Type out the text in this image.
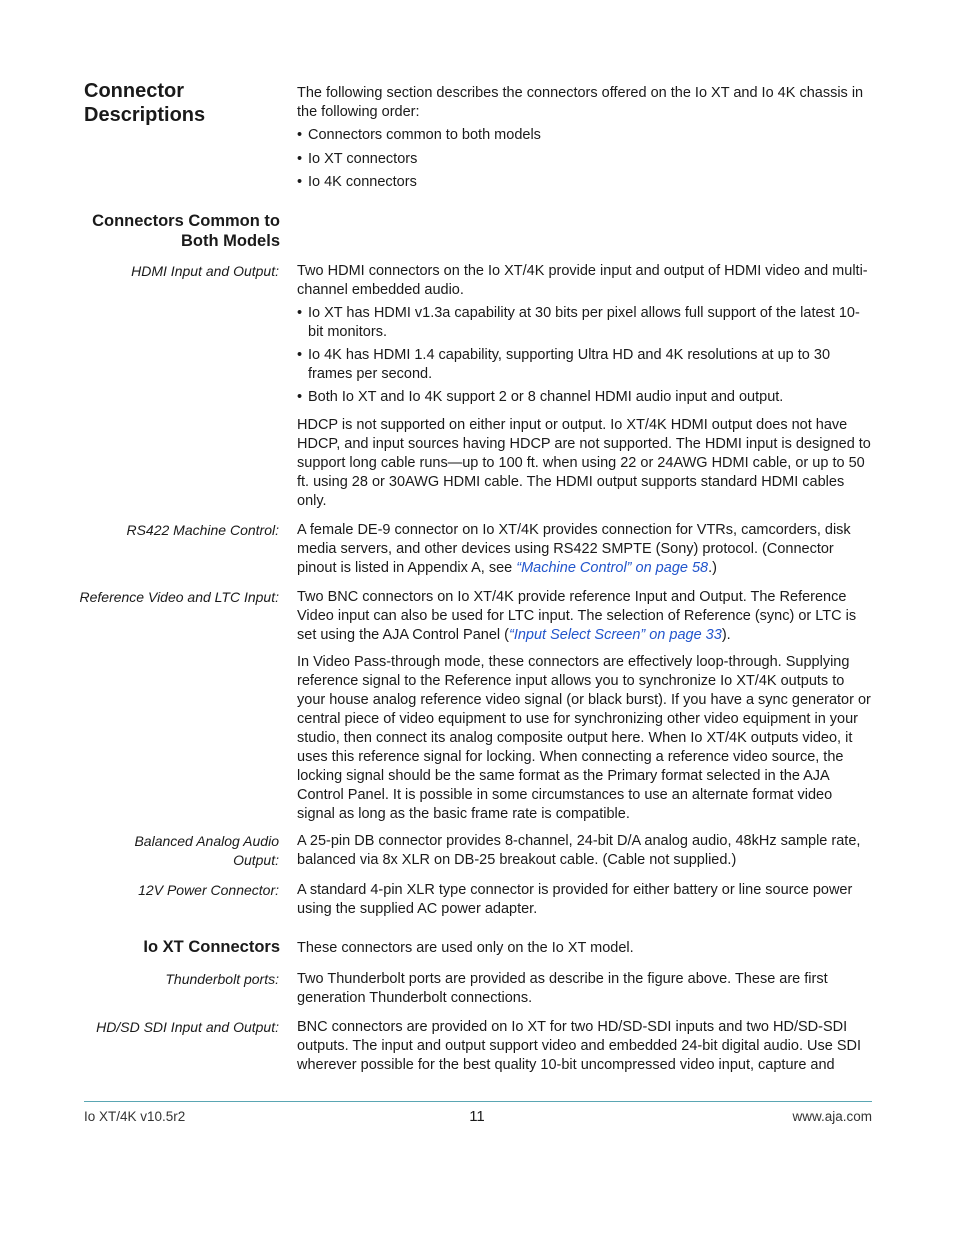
Connector
Descriptions

The following section describes the connectors offered on the Io XT and Io 4K chassis in the following order:

• Connectors common to both models
• Io XT connectors
• Io 4K connectors
Connectors Common to
Both Models
HDMI Input and Output: Two HDMI connectors on the Io XT/4K provide input and output of HDMI video and multi-channel embedded audio.

• Io XT has HDMI v1.3a capability at 30 bits per pixel allows full support of the latest 10-bit monitors.
• Io 4K has HDMI 1.4 capability, supporting Ultra HD and 4K resolutions at up to 30 frames per second.
• Both Io XT and Io 4K support 2 or 8 channel HDMI audio input and output.

HDCP is not supported on either input or output. Io XT/4K HDMI output does not have HDCP, and input sources having HDCP are not supported. The HDMI input is designed to support long cable runs—up to 100 ft. when using 22 or 24AWG HDMI cable, or up to 50 ft. using 28 or 30AWG HDMI cable. The HDMI output supports standard HDMI cables only.

RS422 Machine Control: A female DE-9 connector on Io XT/4K provides connection for VTRs, camcorders, disk media servers, and other devices using RS422 SMPTE (Sony) protocol. (Connector pinout is listed in Appendix A, see “Machine Control” on page 58.)

Reference Video and LTC Input: Two BNC connectors on Io XT/4K provide reference Input and Output. The Reference Video input can also be used for LTC input. The selection of Reference (sync) or LTC is set using the AJA Control Panel (“Input Select Screen” on page 33).

In Video Pass-through mode, these connectors are effectively loop-through. Supplying reference signal to the Reference input allows you to synchronize Io XT/4K outputs to your house analog reference video signal (or black burst). If you have a sync generator or central piece of video equipment to use for synchronizing other video equipment in your studio, then connect its analog composite output here. When Io XT/4K outputs video, it uses this reference signal for locking. When connecting a reference video source, the locking signal should be the same format as the Primary format selected in the AJA Control Panel. It is possible in some circumstances to use an alternate format video signal as long as the basic frame rate is compatible.

Balanced Analog Audio
Output:

A 25-pin DB connector provides 8-channel, 24-bit D/A analog audio, 48kHz sample rate, balanced via 8x XLR on DB-25 breakout cable. (Cable not supplied.)

12V Power Connector: A standard 4-pin XLR type connector is provided for either battery or line source power using the supplied AC power adapter.

Io XT Connectors These connectors are used only on the Io XT model.

Thunderbolt ports: Two Thunderbolt ports are provided as describe in the figure above. These are first generation Thunderbolt connections.

HD/SD SDI Input and Output: BNC connectors are provided on Io XT for two HD/SD-SDI inputs and two HD/SD-SDI outputs. The input and output support video and embedded 24-bit digital audio. Use SDI wherever possible for the best quality 10-bit uncompressed video input, capture and

Io XT/4K v10.5r2	11	www.aja.com
